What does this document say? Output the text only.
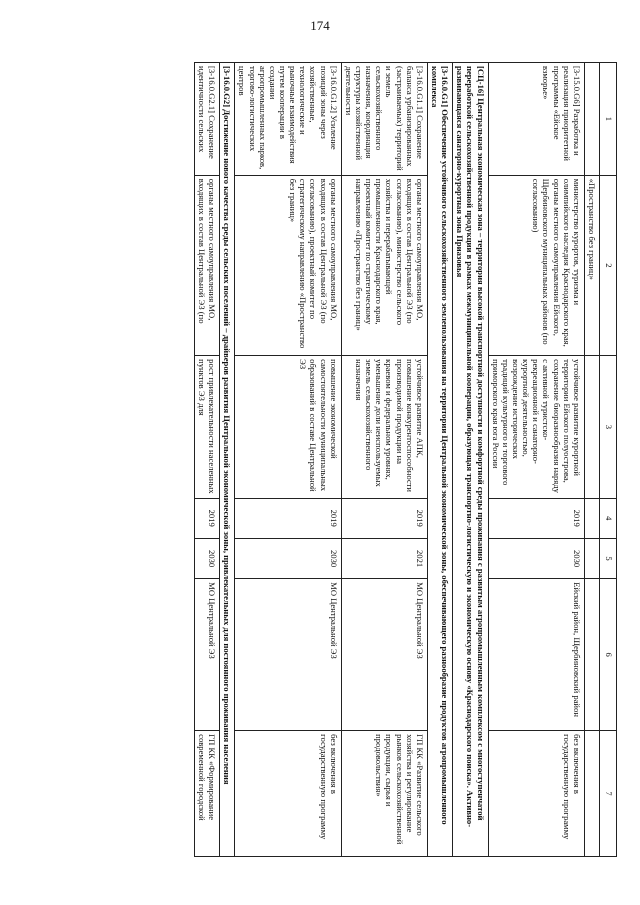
174
1	2	3	4	5	6	7
	«Пространство без границ»					
[3-15.0.G6] Разработка и реализация приоритетной программы «Ейское взморье»	министерство курортов, туризма и олимпийского наследия Краснодарского края, органы местного самоуправления Ейского, Щербиновского муниципальных районов (по согласованию)	устойчивое развитие курортной территории Ейского полуострова, сохранение биоразнообразия наряду с активной туристско-рекреационной и санаторно-курортной деятельностью, возрождение исторических традиций культурного и торгового приморского края юга России	2019	2030	Ейский район, Щербиновский район	без включения в государственную программу
[СЦ-16] Центральная экономическая зона – территория высокой транспортной доступности и комфортной среды проживания с развитым агропромышленным комплексом с многоступенчатой переработкой сельскохозяйственной продукции в рамках межмуниципальной кооперации, образующая транспортно-логистическую и экономическую основу «Краснодарского поиска». Активно-развивающаяся санаторно-курортная зона Приазовья						
[3-16.0.G1] Обеспечение устойчивого сельскохозяйственного землепользования на территории Центральной экономической зоны, обеспечивающего разнообразие продуктов агропромышленного комплекса						
[3-16.0.G1.1] Сохранение баланса урбанизированных (застраиваемых) территорий и земель сельскохозяйственного назначения, координация структуры хозяйственной деятельности	органы местного самоуправления МО, входящих в состав Центральной ЭЗ (по согласованию), министерство сельского хозяйства и перерабатывающей промышленности Краснодарского края, проектный комитет по стратегическому направлению «Пространство без границ»	устойчивое развитие АПК, повышение конкурентоспособности производимой продукции на краевом и федеральном уровнях, уменьшение доли неиспользуемых земель сельскохозяйственного назначения	2019	2021	МО Центральной ЭЗ	ГП КК «Развитие сельского хозяйства и регулирование рынков сельскохозяйственной продукции, сырья и продовольствия»
[3-16.0.G1.2] Усиление позиций зоны через хозяйственные, технологические и рыночные взаимодействия путем кооперации в создании агропромышленных парков, торгово-логистических центров	органы местного самоуправления МО, входящих в состав Центральной ЭЗ (по согласованию), проектный комитет по стратегическому направлению «Пространство без границ»	повышение экономической самостоятельности муниципальных образований в составе Центральной ЭЗ	2019	2030	МО Центральной ЭЗ	без включения в государственную программу
[3-16.0.G2] Достижение нового качества среды сельских поселений – драйверов развития Центральной экономической зоны, привлекательных для постоянного проживания населения						
[3-16.0.G2.1] Сохранение идентичности сельских	органы местного самоуправления МО, входящих в состав Центральной ЭЗ (по	рост привлекательности населенных пунктов ЭЗ для	2019	2030	МО Центральной ЭЗ	ГП КК «Формирование современной городской
